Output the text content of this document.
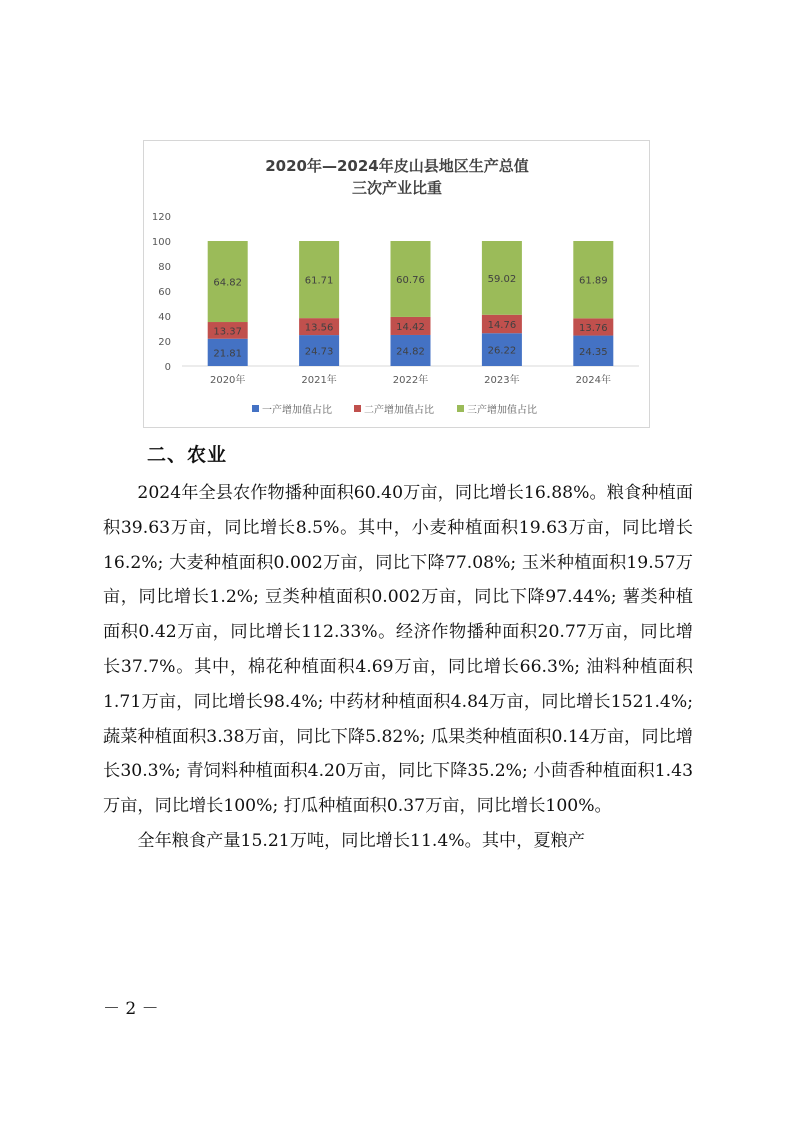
2020年—2024年皮山县地区生产总值
三次产业比重
0
20
40
60
80
100
120
21.81
13.37
64.82
2020年
24.73
13.56
61.71
2021年
24.82
14.42
60.76
2022年
26.22
14.76
59.02
2023年
24.35
13.76
61.89
2024年
一产增加值占比	二产增加值占比	三产增加值占比
二、农业

2024年全县农作物播种面积60.40万亩，同比增长16.88%。粮食种植面积39.63万亩，同比增长8.5%。其中，小麦种植面积19.63万亩，同比增长16.2%; 大麦种植面积0.002万亩，同比下降77.08%; 玉米种植面积19.57万亩，同比增长1.2%; 豆类种植面积0.002万亩，同比下降97.44%; 薯类种植面积0.42万亩，同比增长112.33%。经济作物播种面积20.77万亩，同比增长37.7%。其中，棉花种植面积4.69万亩，同比增长66.3%; 油料种植面积1.71万亩，同比增长98.4%; 中药材种植面积4.84万亩，同比增长1521.4%; 蔬菜种植面积3.38万亩，同比下降5.82%; 瓜果类种植面积0.14万亩，同比增长30.3%; 青饲料种植面积4.20万亩，同比下降35.2%; 小茴香种植面积1.43万亩，同比增长100%; 打瓜种植面积0.37万亩，同比增长100%。

全年粮食产量15.21万吨，同比增长11.4%。其中，夏粮产

－ 2 －
